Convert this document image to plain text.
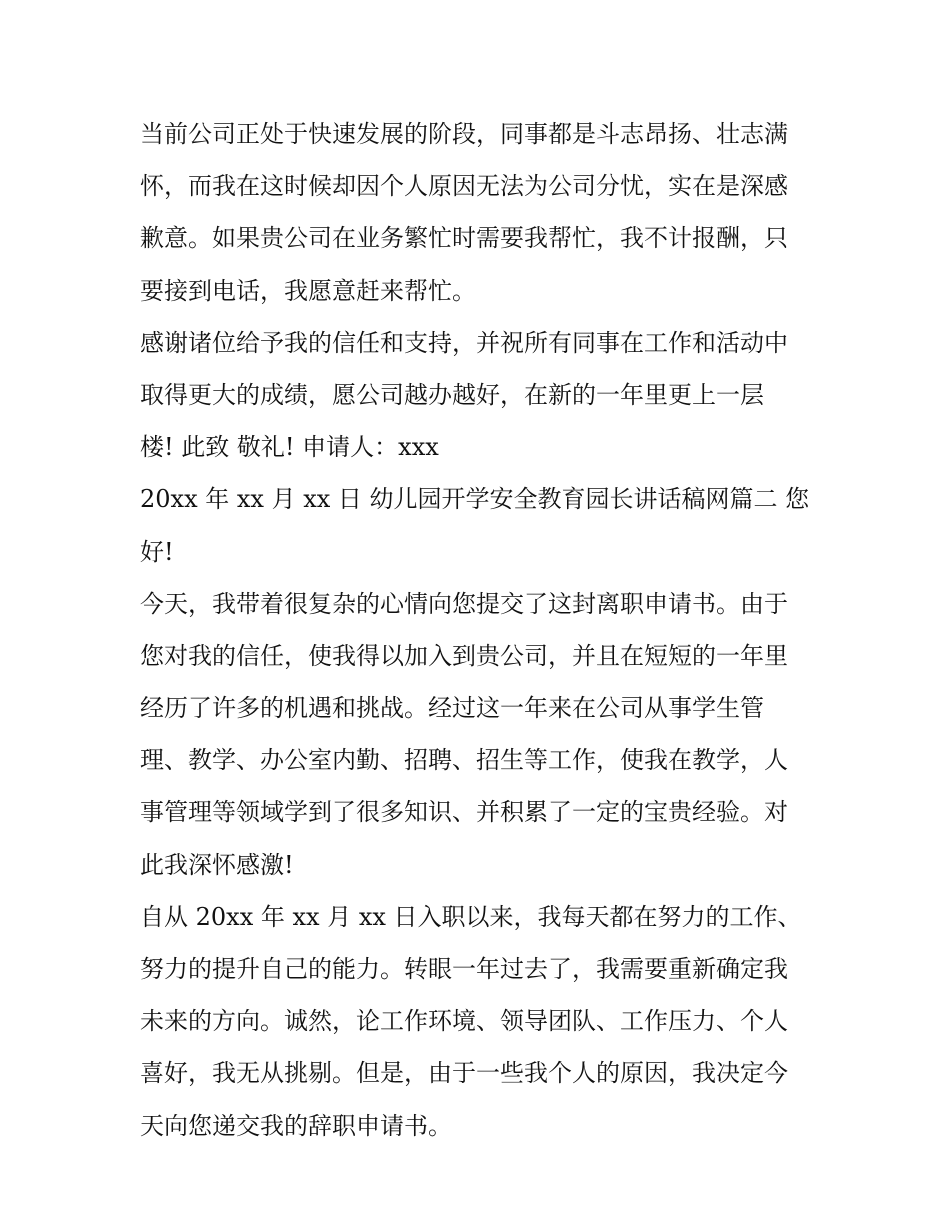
当前公司正处于快速发展的阶段，同事都是斗志昂扬、壮志满
怀，而我在这时候却因个人原因无法为公司分忧，实在是深感
歉意。如果贵公司在业务繁忙时需要我帮忙，我不计报酬，只
要接到电话，我愿意赶来帮忙。
感谢诸位给予我的信任和支持，并祝所有同事在工作和活动中
取得更大的成绩，愿公司越办越好，在新的一年里更上一层
楼! 此致 敬礼! 申请人：xxx
20xx 年 xx 月 xx 日 幼儿园开学安全教育园长讲话稿网篇二 您
好!
今天，我带着很复杂的心情向您提交了这封离职申请书。由于
您对我的信任，使我得以加入到贵公司，并且在短短的一年里
经历了许多的机遇和挑战。经过这一年来在公司从事学生管
理、教学、办公室内勤、招聘、招生等工作，使我在教学，人
事管理等领域学到了很多知识、并积累了一定的宝贵经验。对
此我深怀感激!
自从 20xx 年 xx 月 xx 日入职以来，我每天都在努力的工作、
努力的提升自己的能力。转眼一年过去了，我需要重新确定我
未来的方向。诚然，论工作环境、领导团队、工作压力、个人
喜好，我无从挑剔。但是，由于一些我个人的原因，我决定今
天向您递交我的辞职申请书。
